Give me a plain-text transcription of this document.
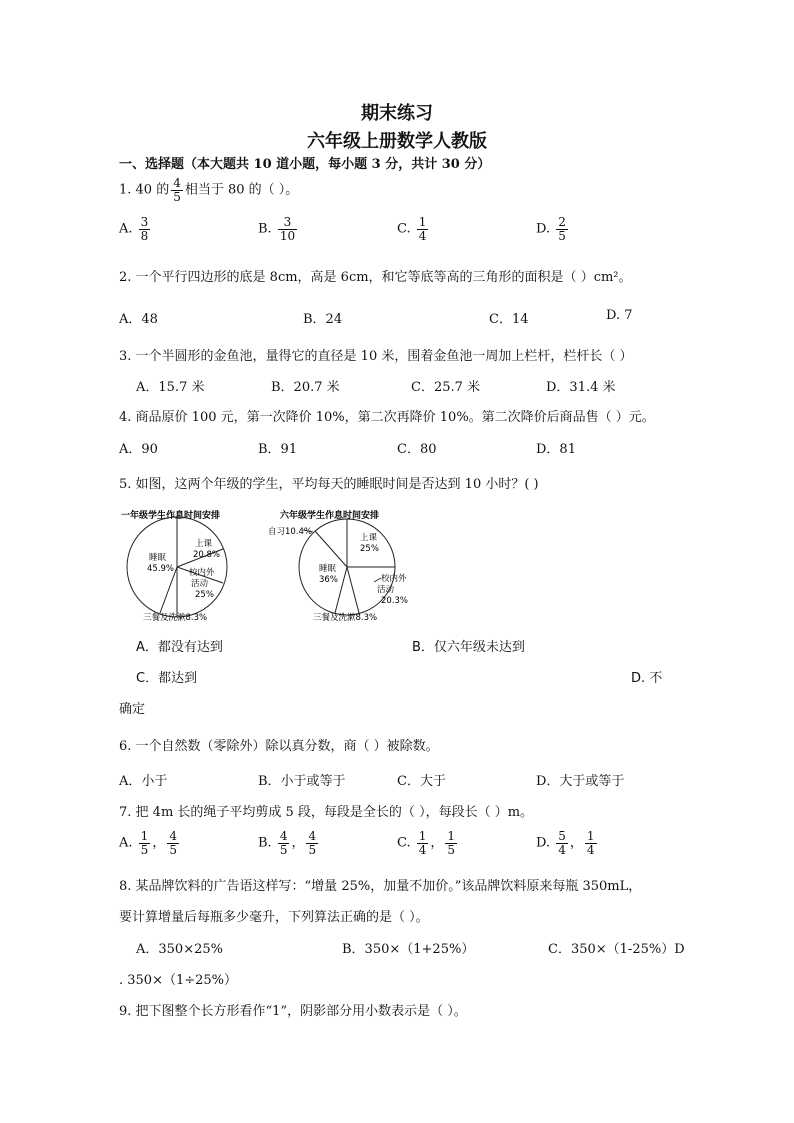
期末练习
六年级上册数学人教版
一、选择题（本大题共 10 道小题，每小题 3 分，共计 30 分）
1. 40 的 $\frac{4}{5}$ 相当于 80 的（ ）。
A. $\frac{3}{8}$	B. $\frac{3}{10}$	C. $\frac{1}{4}$	D. $\frac{2}{5}$
2. 一个平行四边形的底是 8cm，高是 6cm，和它等底等高的三角形的面积是（ ）cm²。
A．48	B．24	C．14	D. 7
3. 一个半圆形的金鱼池，量得它的直径是 10 米，围着金鱼池一周加上栏杆，栏杆长（ ）
A．15.7 米	B．20.7 米	C．25.7 米	D．31.4 米
4. 商品原价 100 元，第一次降价 10%，第二次再降价 10%。第二次降价后商品售（ ）元。
A．90	B．91	C．80	D．81
5. 如图，这两个年级的学生，平均每天的睡眠时间是否达到 10 小时？( )
一年级学生作息时间安排
睡眠
45.9%
上课
20.8%
校内外
活动
25%
三餐及洗漱8.3%
六年级学生作息时间安排
自习10.4%
上课
25%
睡眠
36%	校内外
活动
20.3%
三餐及洗漱8.3%
A．都没有达到	B．仅六年级未达到
C．都达到	D. 不
确定
6. 一个自然数（零除外）除以真分数，商（ ）被除数。
A．小于	B．小于或等于	C．大于	D．大于或等于
7. 把 4m 长的绳子平均剪成 5 段，每段是全长的（ ），每段长（ ）m。
A. $\frac{1}{5}$ ， $\frac{4}{5}$	B. $\frac{4}{5}$ ， $\frac{4}{5}$	C. $\frac{1}{4}$ ， $\frac{1}{5}$	D. $\frac{5}{4}$ ， $\frac{1}{4}$
8. 某品牌饮料的广告语这样写：“增量 25%，加量不加价。”该品牌饮料原来每瓶 350mL，
要计算增量后每瓶多少毫升，下列算法正确的是（ ）。
A．350×25%	B．350×（1+25%）	C．350×（1-25%）D
. 350×（1÷25%）
9. 把下图整个长方形看作“1”，阴影部分用小数表示是（ ）。
